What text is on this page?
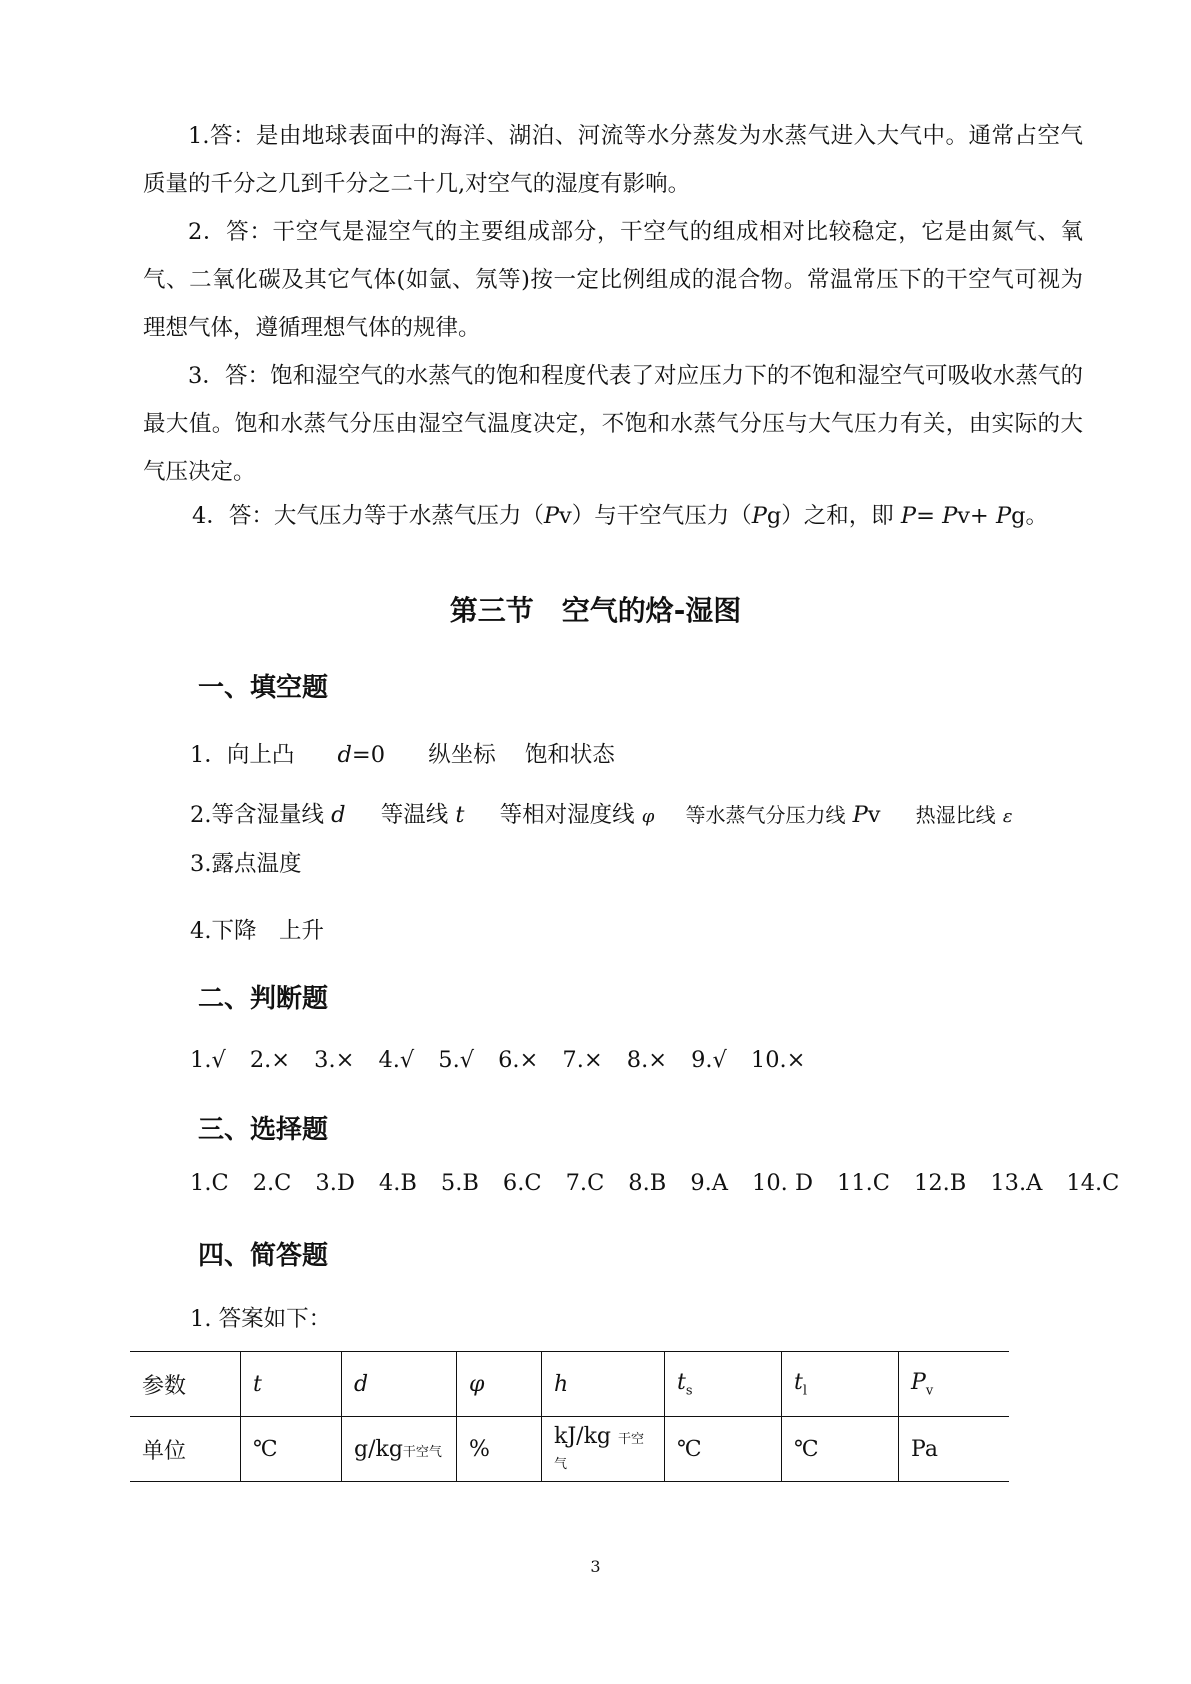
1.答：是由地球表面中的海洋、湖泊、河流等水分蒸发为水蒸气进入大气中。通常占空气质量的千分之几到千分之二十几,对空气的湿度有影响。

2．答：干空气是湿空气的主要组成部分，干空气的组成相对比较稳定，它是由氮气、氧气、二氧化碳及其它气体(如氩、氖等)按一定比例组成的混合物。常温常压下的干空气可视为理想气体，遵循理想气体的规律。

3．答：饱和湿空气的水蒸气的饱和程度代表了对应压力下的不饱和湿空气可吸收水蒸气的最大值。饱和水蒸气分压由湿空气温度决定，不饱和水蒸气分压与大气压力有关，由实际的大气压决定。

4．答：大气压力等于水蒸气压力（Pv）与干空气压力（Pg）之和，即 P= Pv+ Pg。

第三节　空气的焓-湿图
一、填空题

1．向上凸 d=0 纵坐标 饱和状态

2.等含湿量线 d 等温线 t 等相对湿度线 φ 等水蒸气分压力线 Pv 热湿比线 ε

3.露点温度

4.下降　上升

二、判断题

1.√ 2.× 3.× 4.√ 5.√ 6.× 7.× 8.× 9.√ 10.×

三、选择题

1.C 2.C 3.D 4.B 5.B 6.C 7.C 8.B 9.A 10. D 11.C 12.B 13.A 14.C

四、简答题

1. 答案如下：

参数	t	d	φ	h	$t_s$	$t_l$	$P_v$
单位	℃	g/kg干空气	%	kJ/kg 干空气	℃	℃	Pa

3
